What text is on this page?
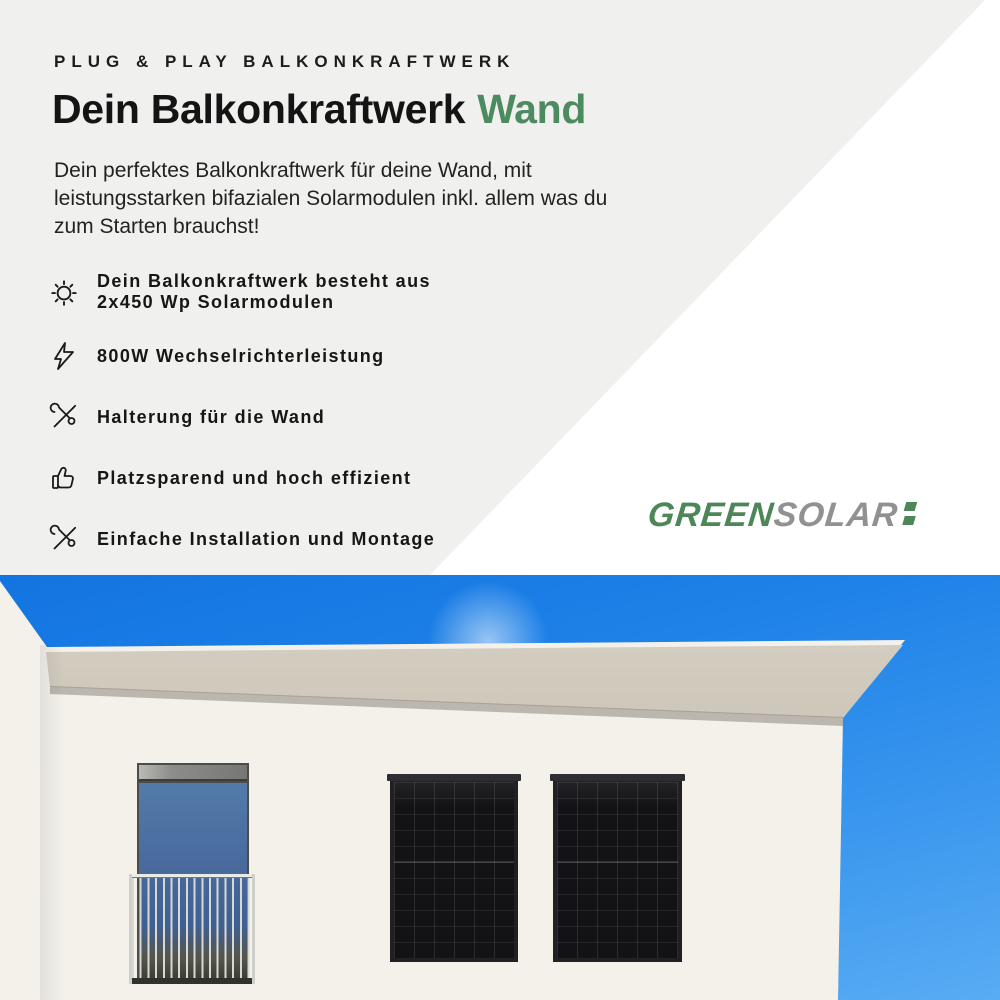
PLUG & PLAY BALKONKRAFTWERK
Dein Balkonkraftwerk Wand
Dein perfektes Balkonkraftwerk für deine Wand, mit
leistungsstarken bifazialen Solarmodulen inkl. allem was du
zum Starten brauchst!
Dein Balkonkraftwerk besteht aus
2x450 Wp Solarmodulen
800W Wechselrichterleistung
Halterung für die Wand
Platzsparend und hoch effizient
Einfache Installation und Montage
GREEN
SOLAR
